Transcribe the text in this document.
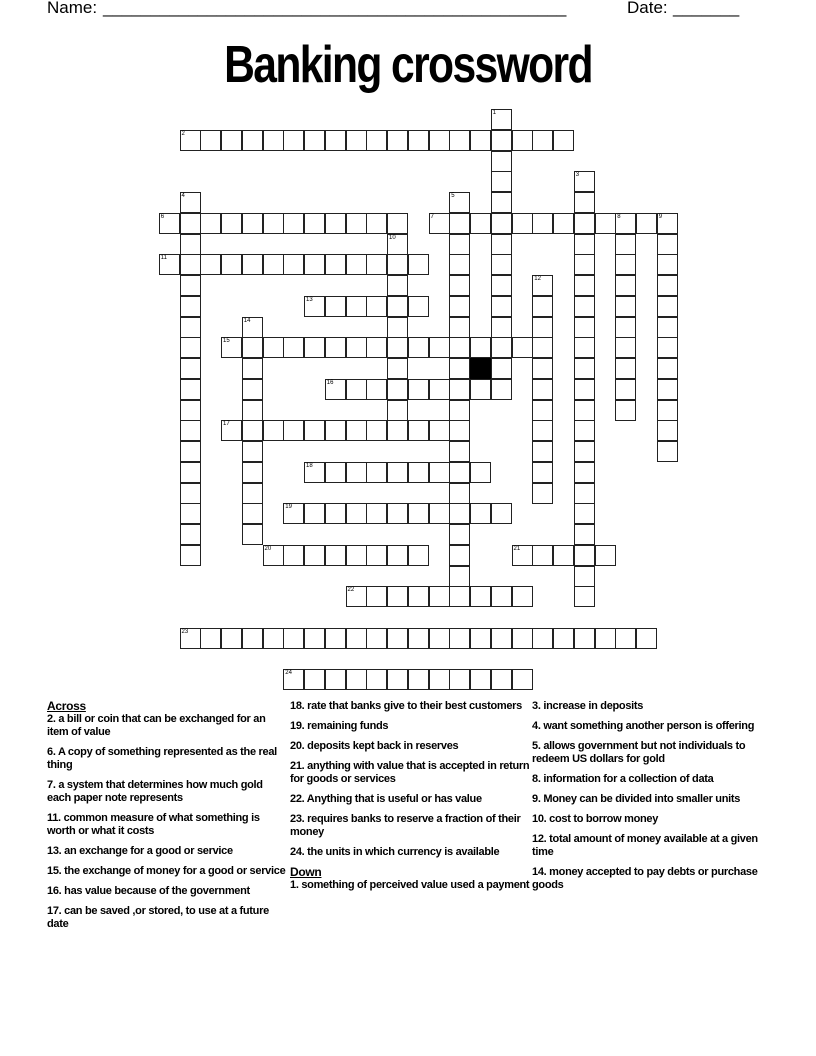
Name: _________________________________________________	Date: _______
Banking crossword
2
6	7	8	9
11
13
15
16
17
18
19
20	21
22
23
24
1
3
4	5
10
12
14
Across
2. a bill or coin that can be exchanged for an item of value
6. A copy of something represented as the real thing
7. a system that determines how much gold each paper note represents
11. common measure of what something is worth or what it costs
13. an exchange for a good or service
15. the exchange of money for a good or service
16. has value because of the government
17. can be saved ,or stored, to use at a future date
18. rate that banks give to their best customers
19. remaining funds
20. deposits kept back in reserves
21. anything with value that is accepted in return for goods or services
22. Anything that is useful or has value
23. requires banks to reserve a fraction of their money
24. the units in which currency is available
Down
1. something of perceived value used a payment
3. increase in deposits
4. want something another person is offering
5. allows government but not individuals to redeem US dollars for gold
8. information for a collection of data
9. Money can be divided into smaller units
10. cost to borrow money
12. total amount of money available at a given time
14. money accepted to pay debts or purchase goods
